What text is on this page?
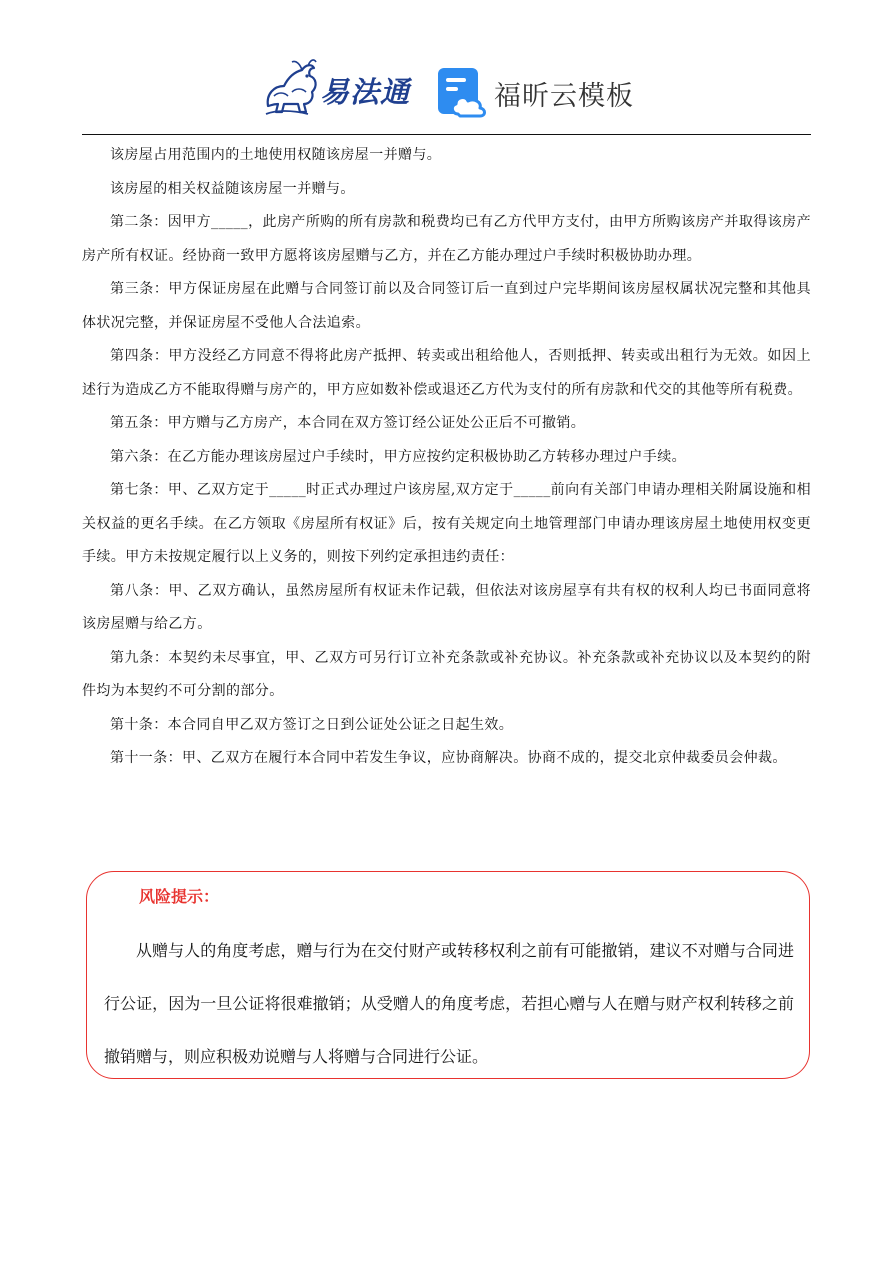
易法通	福昕云模板

该房屋占用范围内的土地使用权随该房屋一并赠与。

该房屋的相关权益随该房屋一并赠与。

第二条：因甲方_____，此房产所购的所有房款和税费均已有乙方代甲方支付，由甲方所购该房产并取得该房产房产所有权证。经协商一致甲方愿将该房屋赠与乙方，并在乙方能办理过户手续时积极协助办理。

第三条：甲方保证房屋在此赠与合同签订前以及合同签订后一直到过户完毕期间该房屋权属状况完整和其他具体状况完整，并保证房屋不受他人合法追索。

第四条：甲方没经乙方同意不得将此房产抵押、转卖或出租给他人，否则抵押、转卖或出租行为无效。如因上述行为造成乙方不能取得赠与房产的，甲方应如数补偿或退还乙方代为支付的所有房款和代交的其他等所有税费。

第五条：甲方赠与乙方房产，本合同在双方签订经公证处公正后不可撤销。

第六条：在乙方能办理该房屋过户手续时，甲方应按约定积极协助乙方转移办理过户手续。

第七条：甲、乙双方定于_____时正式办理过户该房屋,双方定于_____前向有关部门申请办理相关附属设施和相关权益的更名手续。在乙方领取《房屋所有权证》后，按有关规定向土地管理部门申请办理该房屋土地使用权变更手续。甲方未按规定履行以上义务的，则按下列约定承担违约责任：

第八条：甲、乙双方确认，虽然房屋所有权证未作记载，但依法对该房屋享有共有权的权利人均已书面同意将该房屋赠与给乙方。

第九条：本契约未尽事宜，甲、乙双方可另行订立补充条款或补充协议。补充条款或补充协议以及本契约的附件均为本契约不可分割的部分。

第十条：本合同自甲乙双方签订之日到公证处公证之日起生效。

第十一条：甲、乙双方在履行本合同中若发生争议，应协商解决。协商不成的，提交北京仲裁委员会仲裁。

风险提示：

从赠与人的角度考虑，赠与行为在交付财产或转移权利之前有可能撤销，建议不对赠与合同进行公证，因为一旦公证将很难撤销；从受赠人的角度考虑，若担心赠与人在赠与财产权利转移之前撤销赠与，则应积极劝说赠与人将赠与合同进行公证。
